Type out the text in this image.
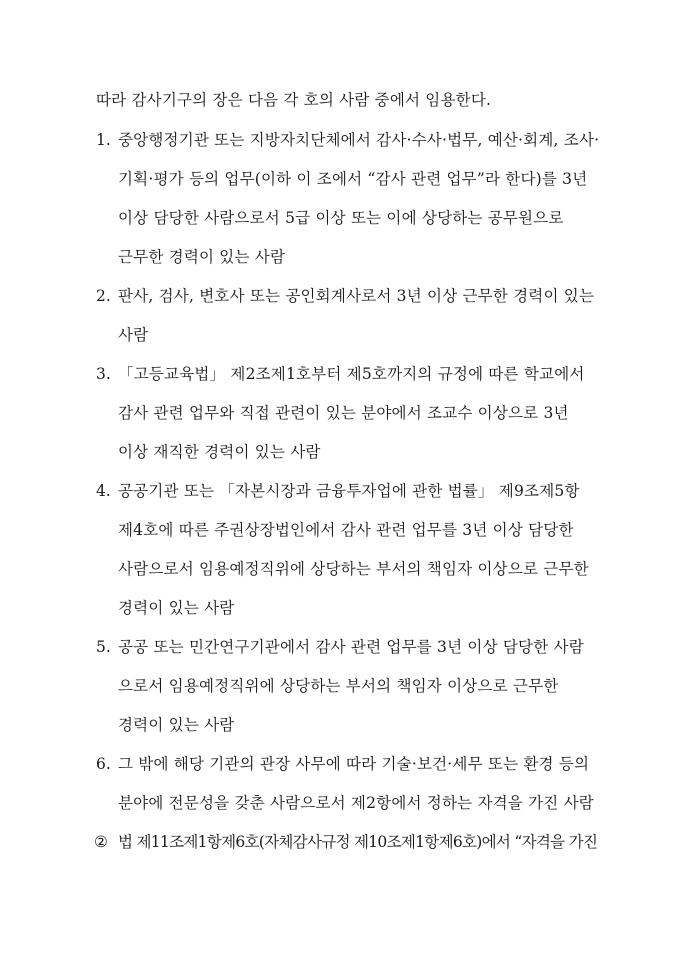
따라 감사기구의 장은 다음 각 호의 사람 중에서 임용한다.
1. 중앙행정기관 또는 지방자치단체에서 감사·수사·법무, 예산·회계, 조사·
기획·평가 등의 업무(이하 이 조에서 “감사 관련 업무”라 한다)를 3년
이상 담당한 사람으로서 5급 이상 또는 이에 상당하는 공무원으로
근무한 경력이 있는 사람
2. 판사, 검사, 변호사 또는 공인회계사로서 3년 이상 근무한 경력이 있는
사람
3. 「고등교육법」 제2조제1호부터 제5호까지의 규정에 따른 학교에서
감사 관련 업무와 직접 관련이 있는 분야에서 조교수 이상으로 3년
이상 재직한 경력이 있는 사람
4. 공공기관 또는 「자본시장과 금융투자업에 관한 법률」 제9조제5항
제4호에 따른 주권상장법인에서 감사 관련 업무를 3년 이상 담당한
사람으로서 임용예정직위에 상당하는 부서의 책임자 이상으로 근무한
경력이 있는 사람
5. 공공 또는 민간연구기관에서 감사 관련 업무를 3년 이상 담당한 사람
으로서 임용예정직위에 상당하는 부서의 책임자 이상으로 근무한
경력이 있는 사람
6. 그 밖에 해당 기관의 관장 사무에 따라 기술·보건·세무 또는 환경 등의
분야에 전문성을 갖춘 사람으로서 제2항에서 정하는 자격을 가진 사람
② 법 제11조제1항제6호(자체감사규정 제10조제1항제6호)에서 “자격을 가진
